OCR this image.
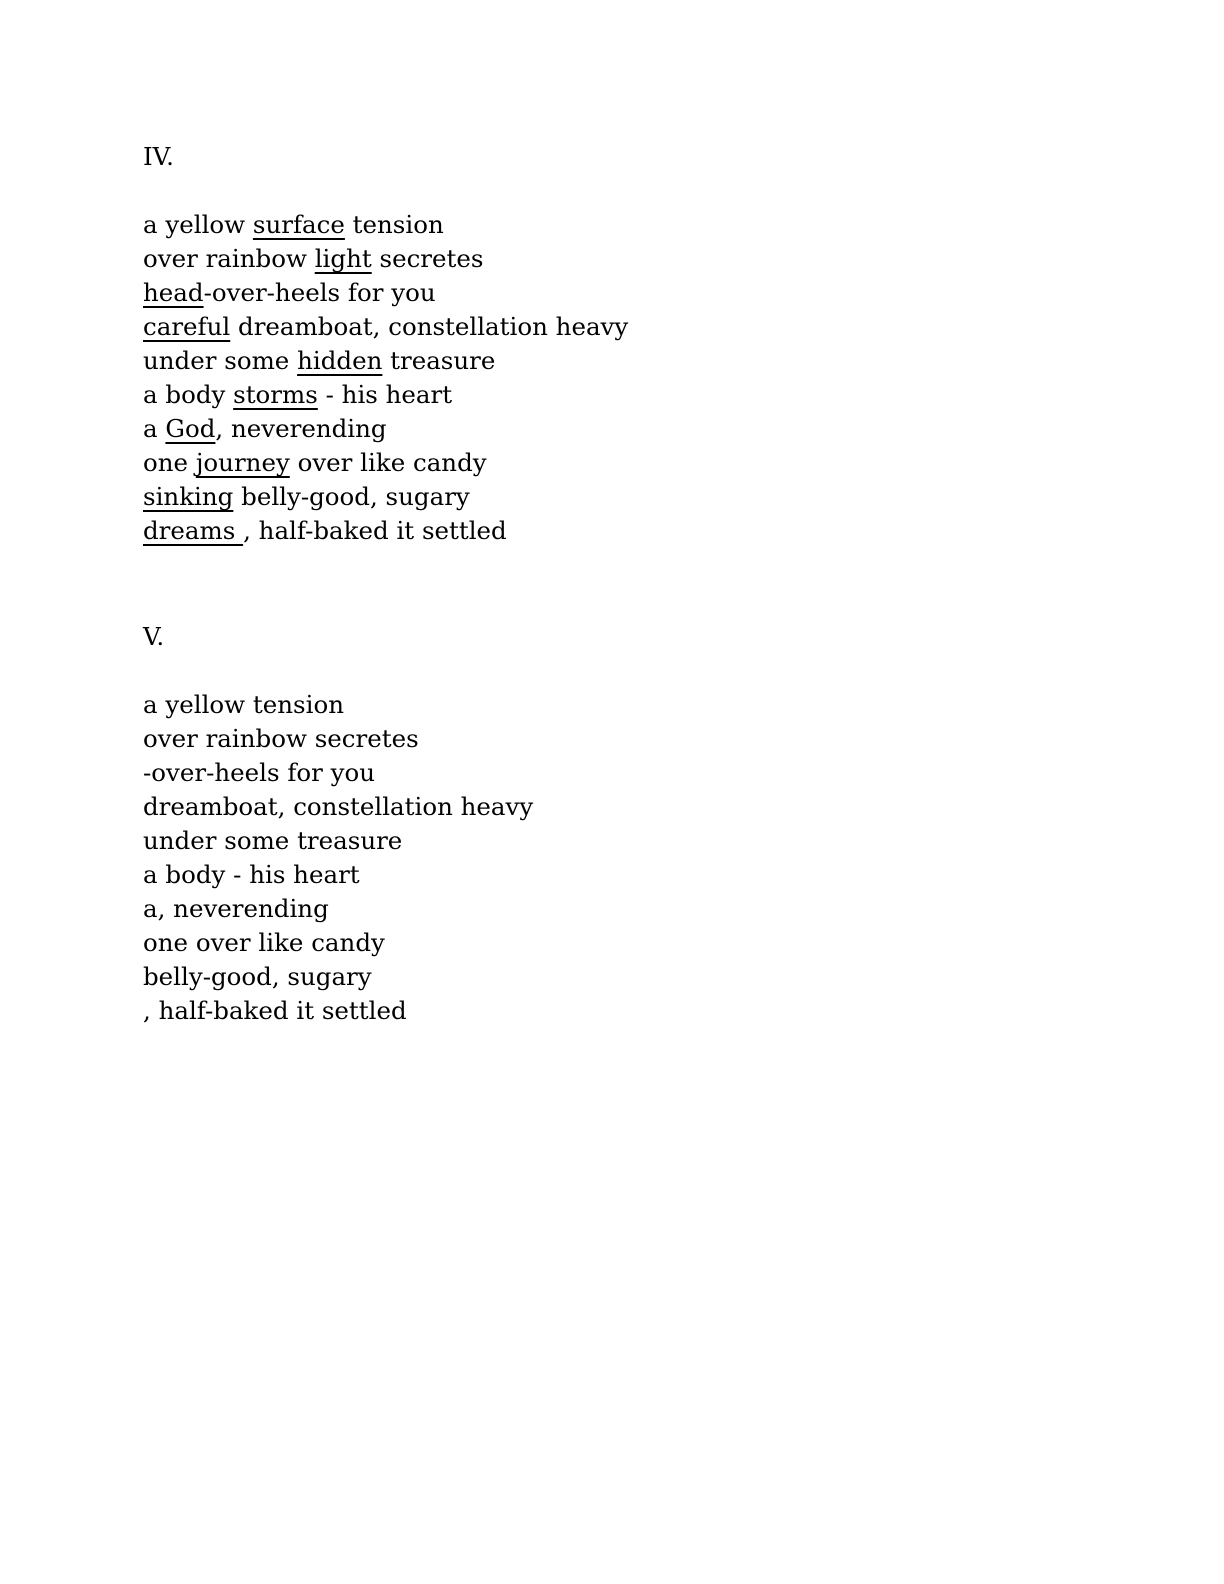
IV.
a yellow surface tension
over rainbow light secretes
head-over-heels for you
careful dreamboat, constellation heavy
under some hidden treasure
a body storms - his heart
a God, neverending
one journey over like candy
sinking belly-good, sugary
dreams , half-baked it settled
V.
a yellow tension
over rainbow secretes
-over-heels for you
dreamboat, constellation heavy
under some treasure
a body - his heart
a, neverending
one over like candy
belly-good, sugary
, half-baked it settled
